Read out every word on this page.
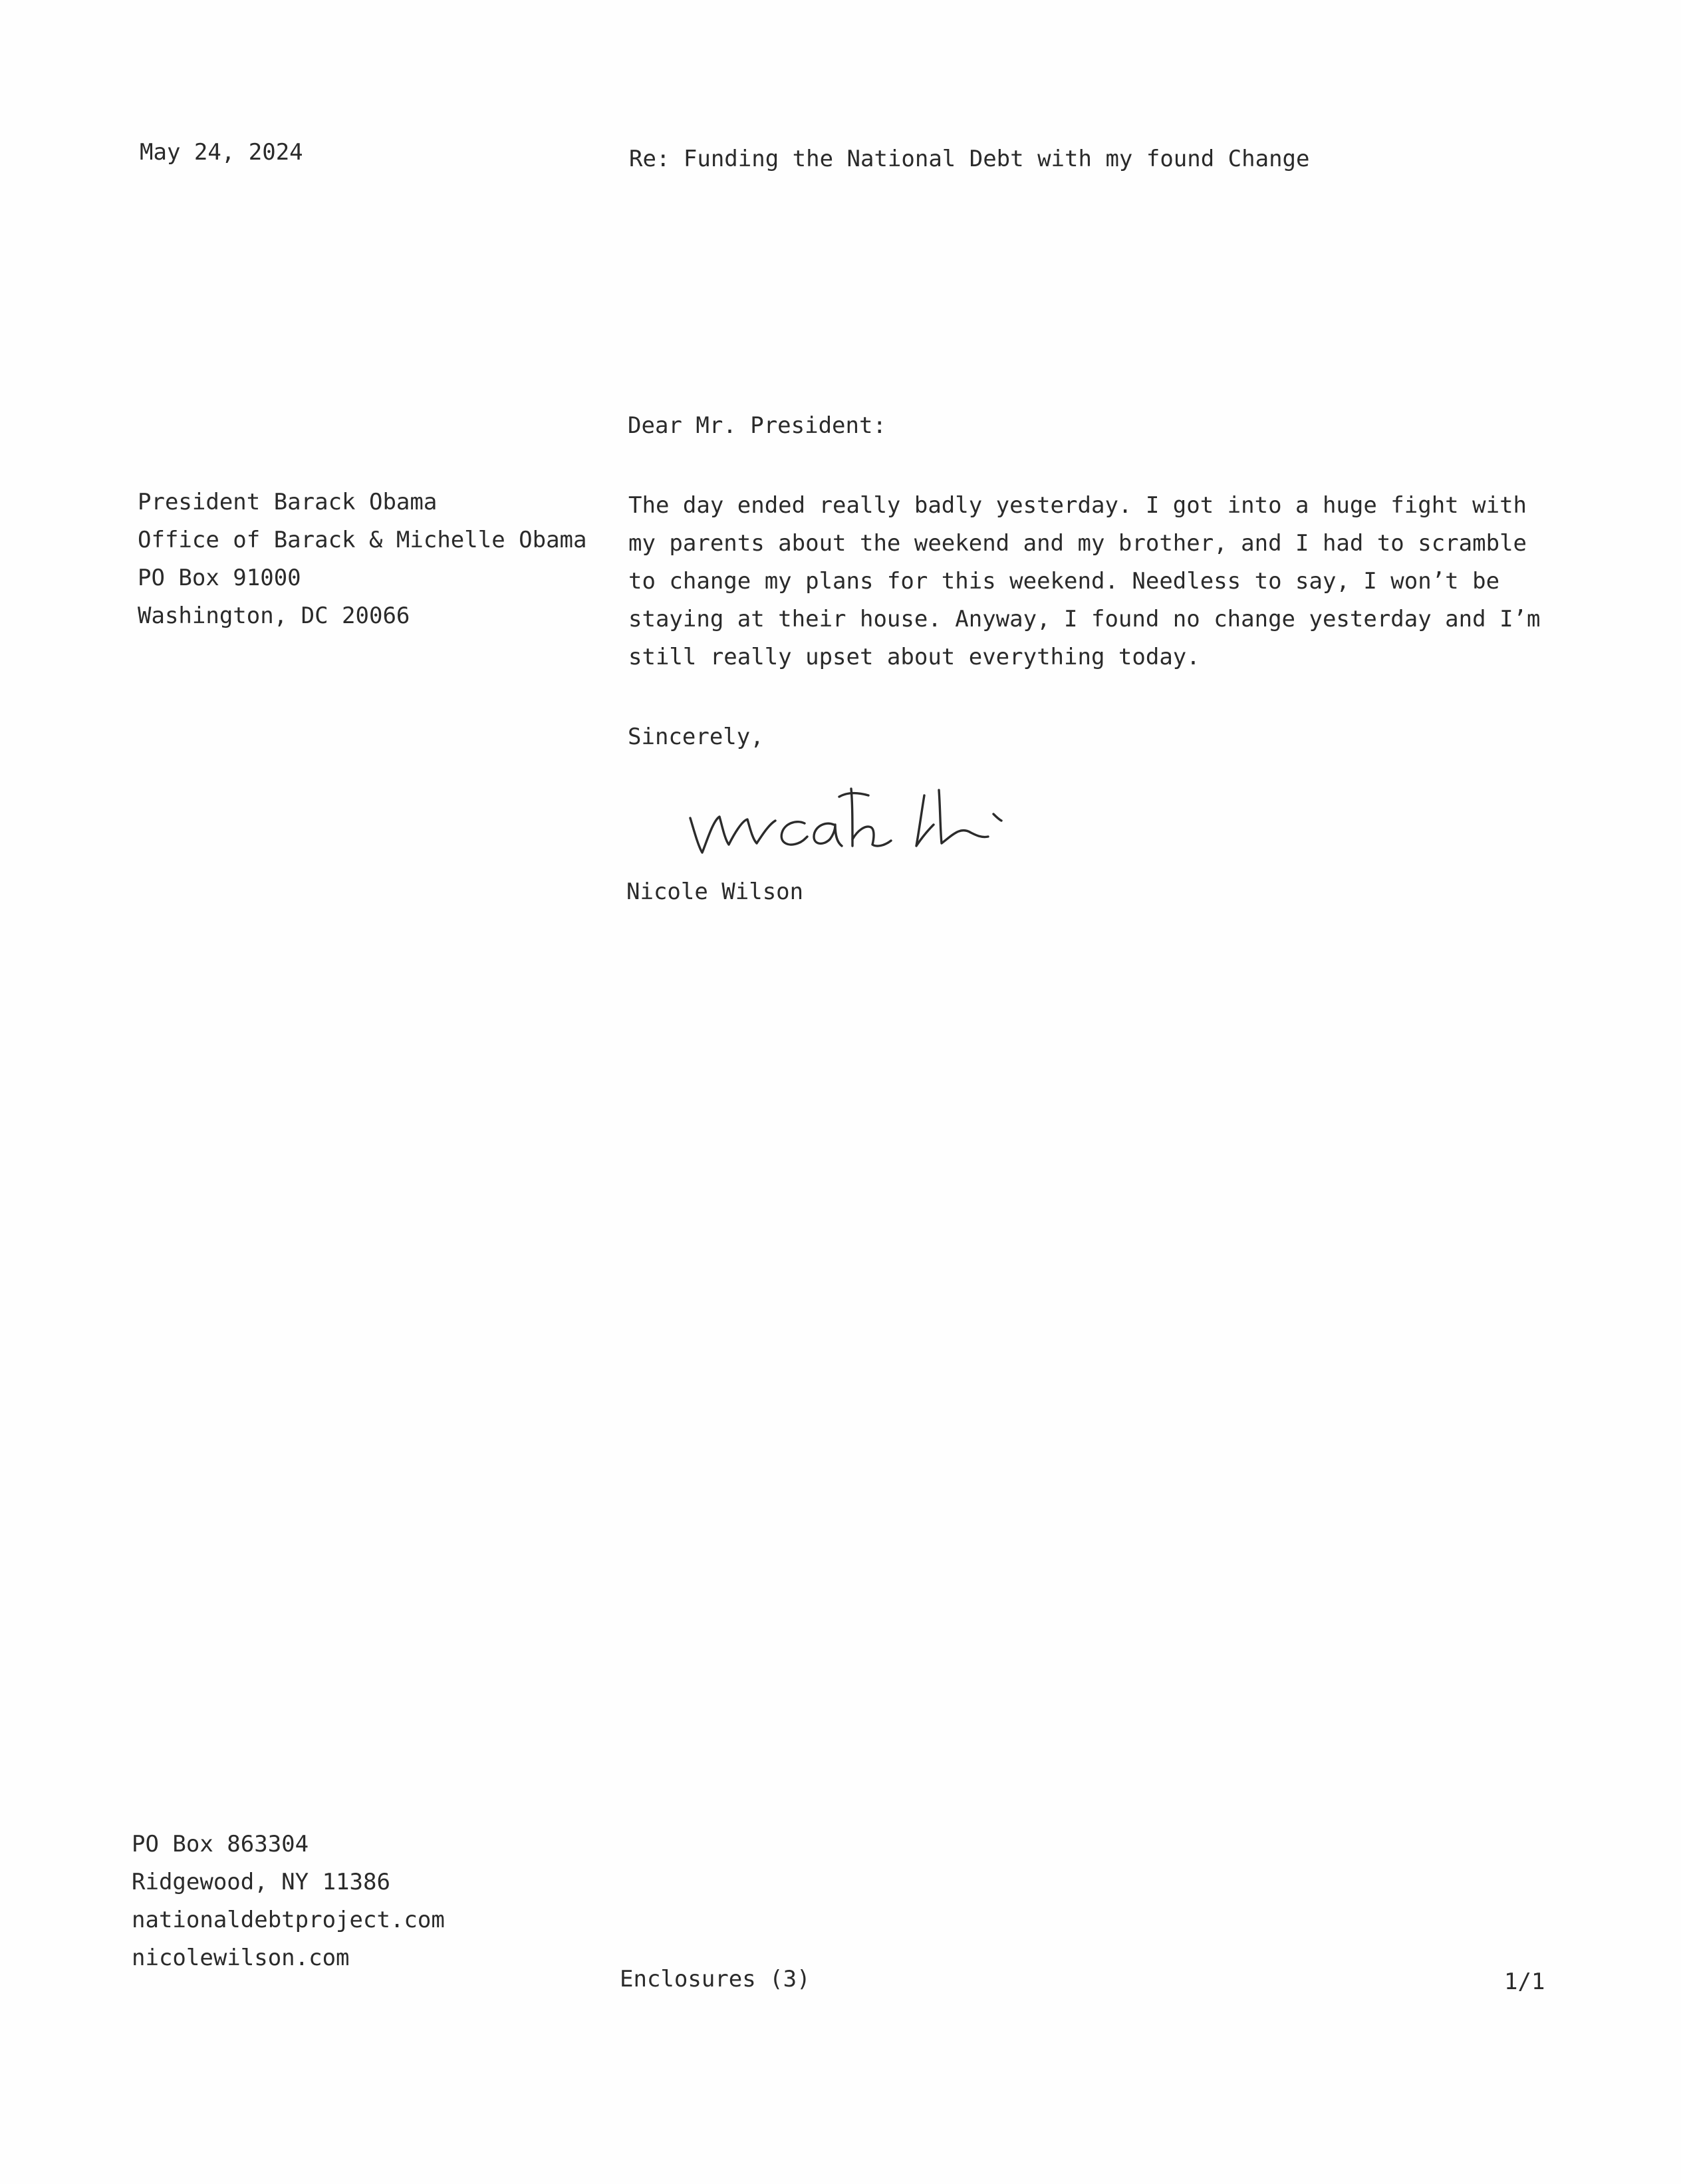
May 24, 2024	Re: Funding the National Debt with my found Change
Dear Mr. President:
President Barack Obama
Office of Barack & Michelle Obama
PO Box 91000
Washington, DC 20066
The day ended really badly yesterday. I got into a huge fight with
my parents about the weekend and my brother, and I had to scramble
to change my plans for this weekend. Needless to say, I won’t be
staying at their house. Anyway, I found no change yesterday and I’m
still really upset about everything today.
Sincerely,
Nicole Wilson
PO Box 863304
Ridgewood, NY 11386
nationaldebtproject.com
nicolewilson.com
Enclosures (3)	1/1
